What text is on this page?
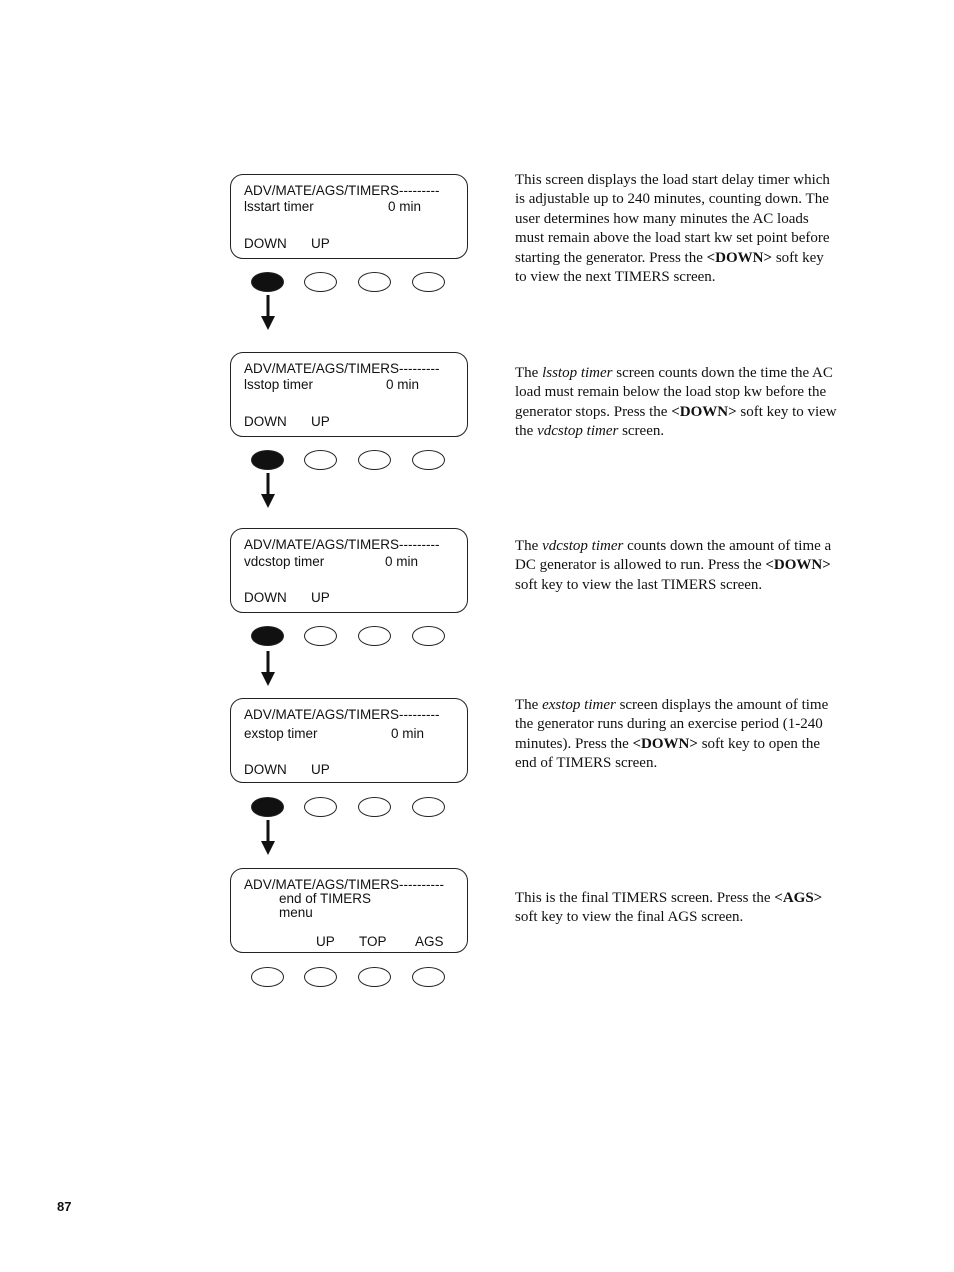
ADV/MATE/AGS/TIMERS---------
lsstart timer	0 min
DOWN UP

This screen displays the load start delay timer which is adjustable up to 240 minutes, counting down. The user determines how many minutes the AC loads must remain above the load start kw set point before starting the generator. Press the <DOWN> soft key to view the next TIMERS screen.

ADV/MATE/AGS/TIMERS---------
lsstop timer	0 min
DOWN UP

The lsstop timer screen counts down the time the AC load must remain below the load stop kw before the generator stops. Press the <DOWN> soft key to view the vdcstop timer screen.

ADV/MATE/AGS/TIMERS---------
vdcstop timer	0 min
DOWN UP

The vdcstop timer counts down the amount of time a DC generator is allowed to run. Press the <DOWN> soft key to view the last TIMERS screen.

ADV/MATE/AGS/TIMERS---------
exstop timer	0 min
DOWN UP

The exstop timer screen displays the amount of time the generator runs during an exercise period (1-240 minutes). Press the <DOWN> soft key to open the end of TIMERS screen.

ADV/MATE/AGS/TIMERS----------
end of TIMERS
menu
UP TOP AGS

This is the final TIMERS screen. Press the <AGS> soft key to view the final AGS screen.

87
